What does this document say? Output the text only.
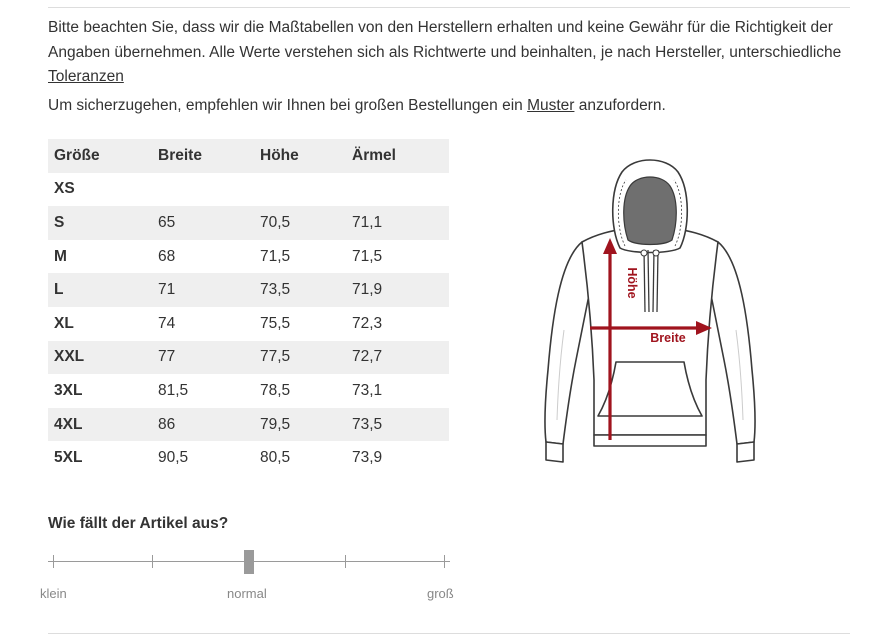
Bitte beachten Sie, dass wir die Maßtabellen von den Herstellern erhalten und keine Gewähr für die Richtigkeit der Angaben übernehmen. Alle Werte verstehen sich als Richtwerte und beinhalten, je nach Hersteller, unterschiedliche Toleranzen

Um sicherzugehen, empfehlen wir Ihnen bei großen Bestellungen ein Muster anzufordern.

Größe	Breite	Höhe	Ärmel
XS			
S	65	70,5	71,1
M	68	71,5	71,5
L	71	73,5	71,9
XL	74	75,5	72,3
XXL	77	77,5	72,7
3XL	81,5	78,5	73,1
4XL	86	79,5	73,5
5XL	90,5	80,5	73,9
Höhe
Breite

Wie fällt der Artikel aus?

klein	normal	groß
